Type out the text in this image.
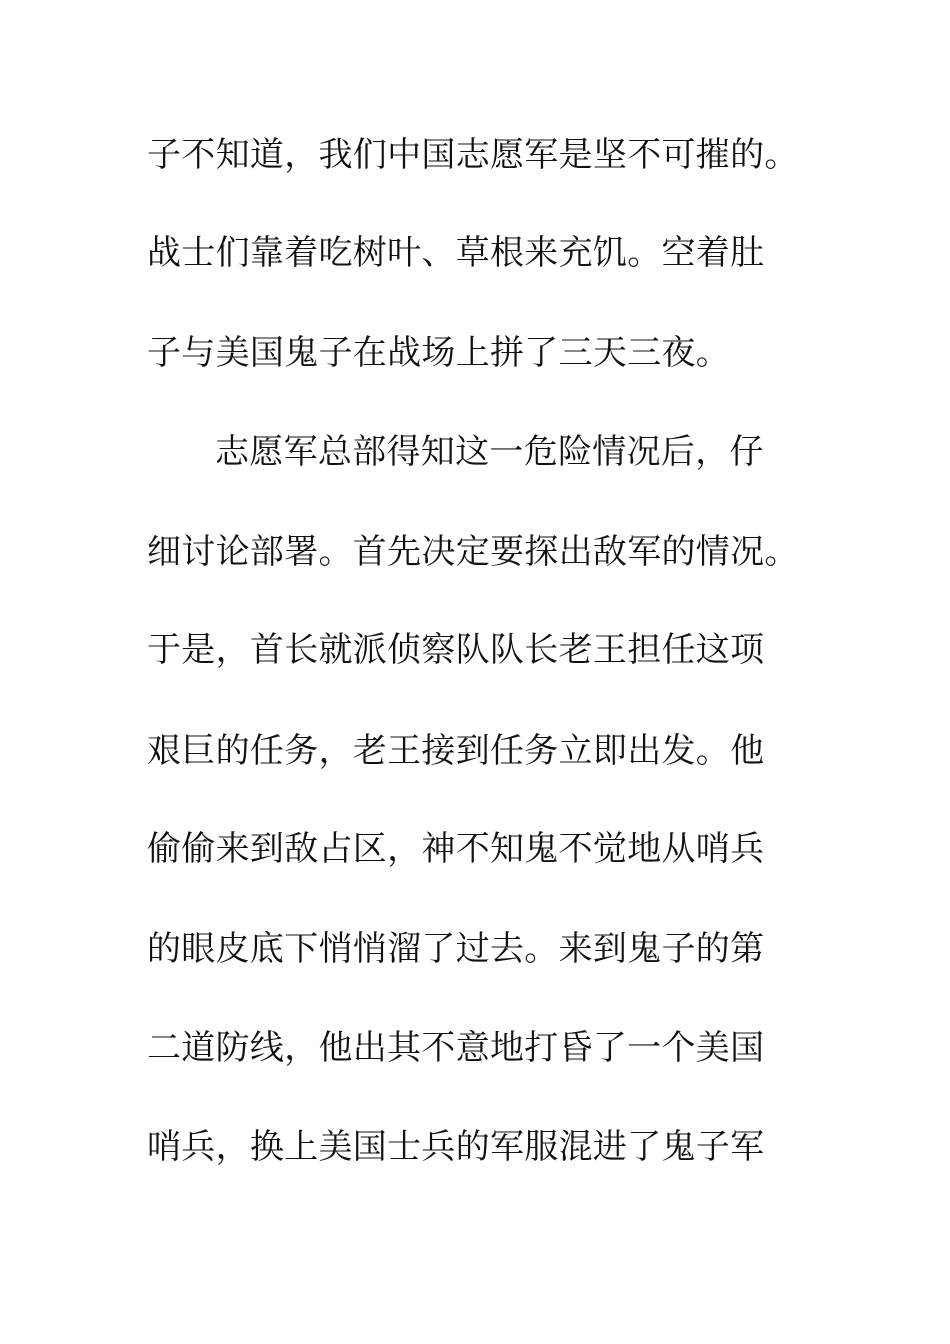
子不知道，我们中国志愿军是坚不可摧的。
战士们靠着吃树叶、草根来充饥。空着肚
子与美国鬼子在战场上拼了三天三夜。
志愿军总部得知这一危险情况后，仔
细讨论部署。首先决定要探出敌军的情况。
于是，首长就派侦察队队长老王担任这项
艰巨的任务，老王接到任务立即出发。他
偷偷来到敌占区，神不知鬼不觉地从哨兵
的眼皮底下悄悄溜了过去。来到鬼子的第
二道防线，他出其不意地打昏了一个美国
哨兵，换上美国士兵的军服混进了鬼子军
